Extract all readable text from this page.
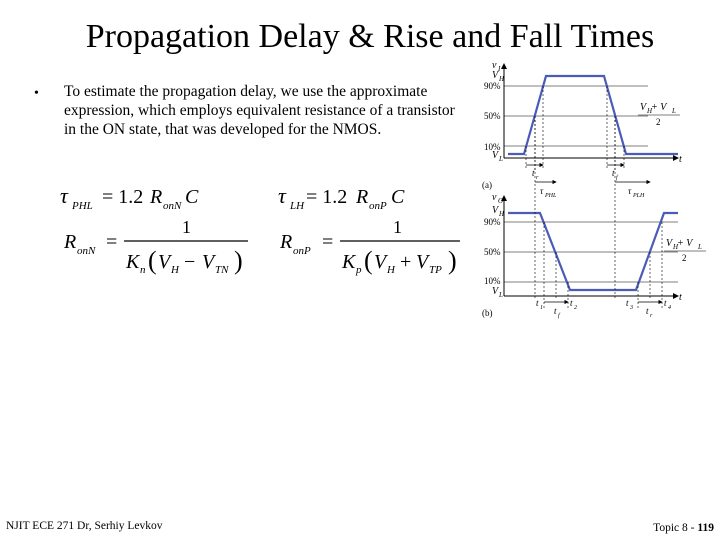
Propagation Delay & Rise and Fall Times
• To estimate the propagation delay, we use the approximate expression, which employs equivalent resistance of a transistor in the ON state, that was developed for the NMOS.
τ PHL = 1.2 R onN C	τ LH = 1.2 R onP C
R onN =
1
K n ( V H − V TN )
R onP =
1
K p ( V H + V TP )
v I
t
V H
90%
50%
10%
V L
V H
+ V L
2
t r	t f
(a)
v O
t
V H
90%
50%
10%
V L
τ PHL	τ PLH
V H
+ V L
2
t 1	t 2	t 3	t 4
t f	t r
(b)
NJIT ECE 271 Dr, Serhiy Levkov	Topic 8 - 119
